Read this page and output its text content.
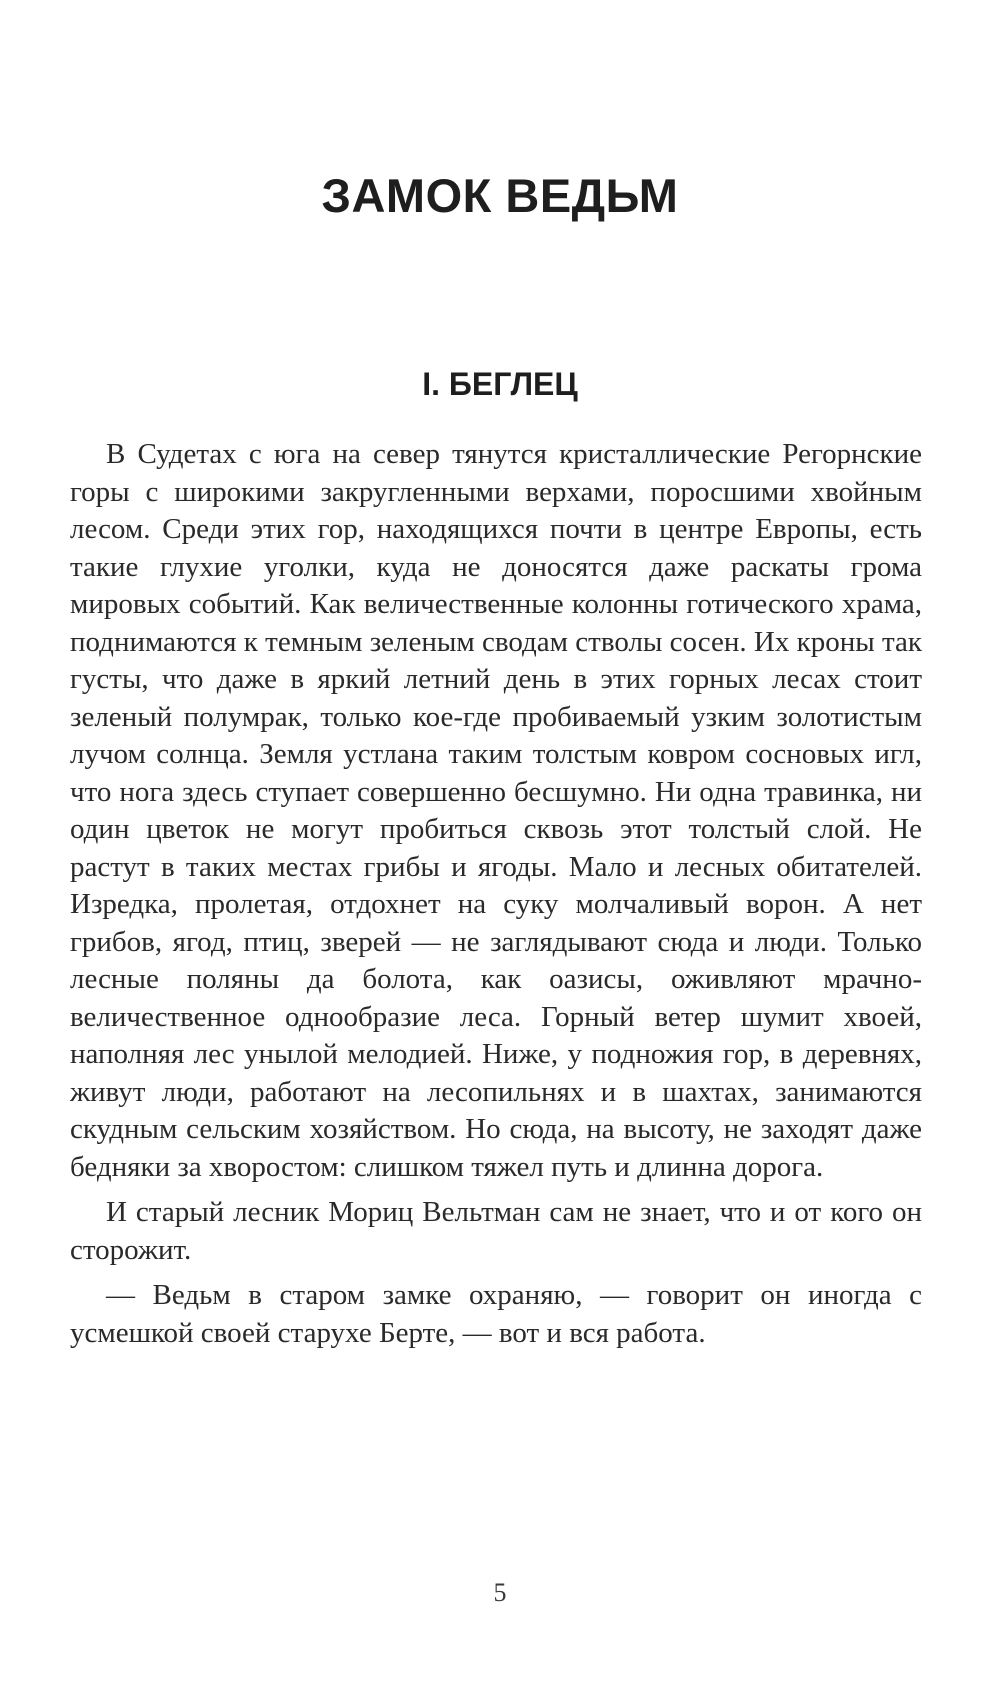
ЗАМОК ВЕДЬМ
I. БЕГЛЕЦ

В Судетах с юга на север тянутся кристаллические Регорнские горы с широкими закругленными верхами, поросшими хвойным лесом. Среди этих гор, находящихся почти в центре Европы, есть такие глухие уголки, куда не доносятся даже раскаты грома мировых событий. Как величественные колонны готического храма, поднимаются к темным зеленым сводам стволы сосен. Их кроны так густы, что даже в яркий летний день в этих горных лесах стоит зеленый полумрак, только кое-где пробиваемый узким золотистым лучом солнца. Земля устлана таким толстым ковром сосновых игл, что нога здесь ступает совершенно бесшумно. Ни одна травинка, ни один цветок не могут пробиться сквозь этот толстый слой. Не растут в таких местах грибы и ягоды. Мало и лесных обитателей. Изредка, пролетая, отдохнет на суку молчаливый ворон. А нет грибов, ягод, птиц, зверей — не заглядывают сюда и люди. Только лесные поляны да болота, как оазисы, оживляют мрачно-величественное однообразие леса. Горный ветер шумит хвоей, наполняя лес унылой мелодией. Ниже, у подножия гор, в деревнях, живут люди, работают на лесопильнях и в шахтах, занимаются скудным сельским хозяйством. Но сюда, на высоту, не заходят даже бедняки за хворостом: слишком тяжел путь и длинна дорога.

И старый лесник Мориц Вельтман сам не знает, что и от кого он сторожит.

— Ведьм в старом замке охраняю, — говорит он иногда с усмешкой своей старухе Берте, — вот и вся работа.

5
